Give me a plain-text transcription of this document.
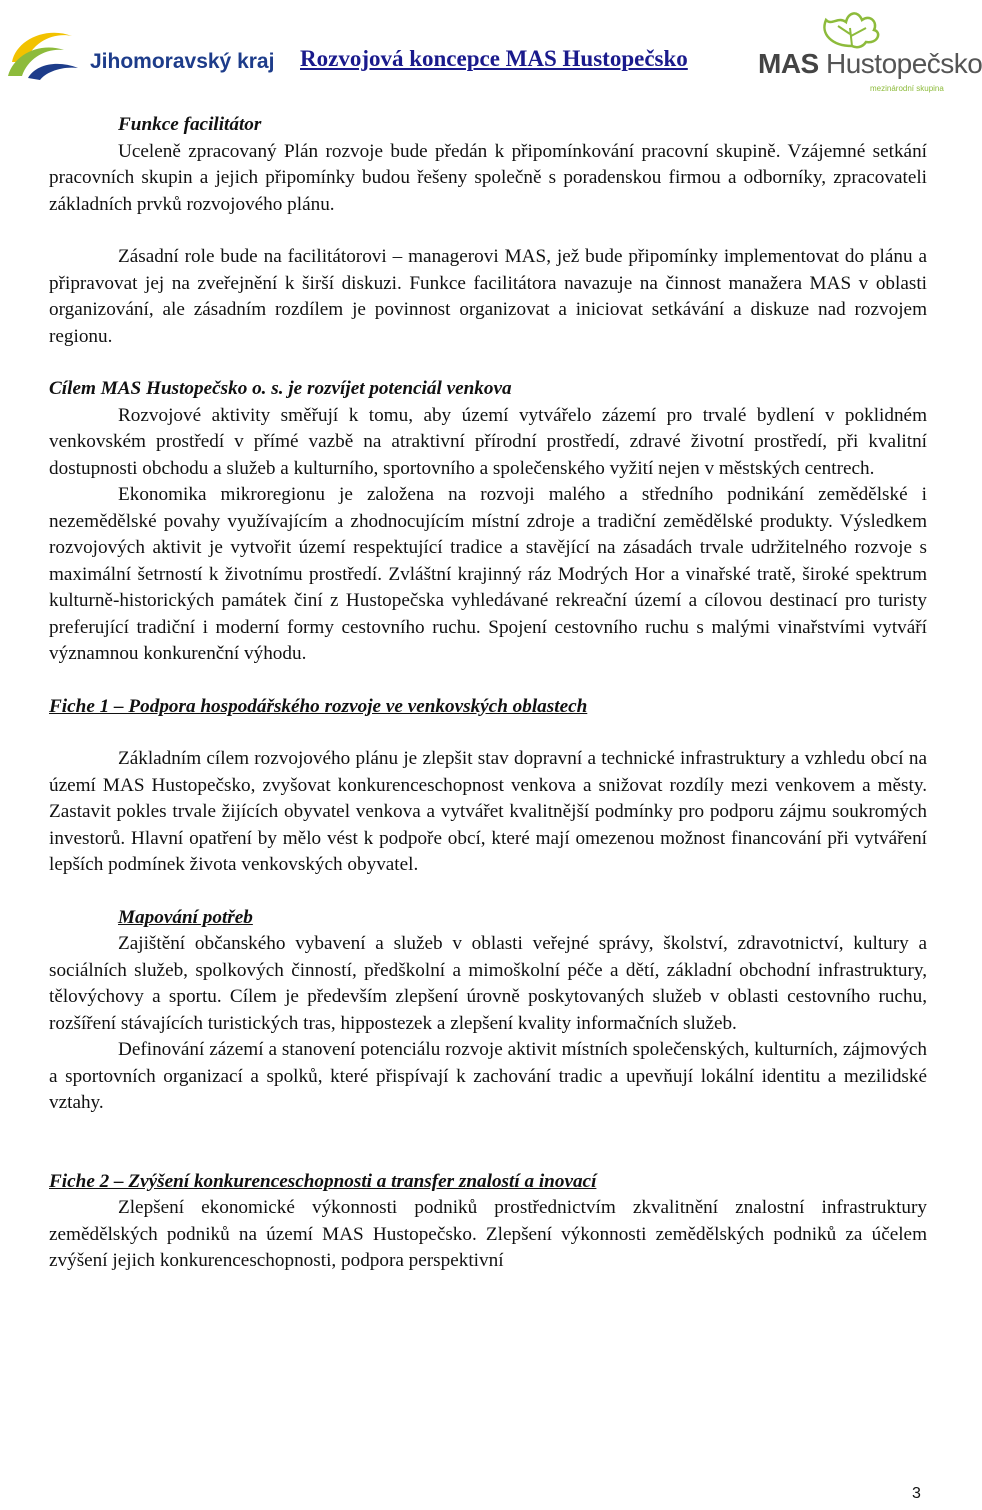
Jihomoravský kraj Rozvojová koncepce MAS Hustopečsko	MAS Hustopečsko
mezinárodní skupina

Funkce facilitátor

Uceleně zpracovaný Plán rozvoje bude předán k připomínkování pracovní skupině. Vzájemné setkání pracovních skupin a jejich připomínky budou řešeny společně s poradenskou firmou a odborníky, zpracovateli základních prvků rozvojového plánu.

Zásadní role bude na facilitátorovi – managerovi MAS, jež bude připomínky implementovat do plánu a připravovat jej na zveřejnění k širší diskuzi. Funkce facilitátora navazuje na činnost manažera MAS v oblasti organizování, ale zásadním rozdílem je povinnost organizovat a iniciovat setkávání a diskuze nad rozvojem regionu.

Cílem MAS Hustopečsko o. s. je rozvíjet potenciál venkova

Rozvojové aktivity směřují k tomu, aby území vytvářelo zázemí pro trvalé bydlení v poklidném venkovském prostředí v přímé vazbě na atraktivní přírodní prostředí, zdravé životní prostředí, při kvalitní dostupnosti obchodu a služeb a kulturního, sportovního a společenského vyžití nejen v městských centrech.

Ekonomika mikroregionu je založena na rozvoji malého a středního podnikání zemědělské i nezemědělské povahy využívajícím a zhodnocujícím místní zdroje a tradiční zemědělské produkty. Výsledkem rozvojových aktivit je vytvořit území respektující tradice a stavějící na zásadách trvale udržitelného rozvoje s maximální šetrností k životnímu prostředí. Zvláštní krajinný ráz Modrých Hor a vinařské tratě, široké spektrum kulturně-historických památek činí z Hustopečska vyhledávané rekreační území a cílovou destinací pro turisty preferující tradiční i moderní formy cestovního ruchu. Spojení cestovního ruchu s malými vinařstvími vytváří významnou konkurenční výhodu.

Fiche 1 – Podpora hospodářského rozvoje ve venkovských oblastech

Základním cílem rozvojového plánu je zlepšit stav dopravní a technické infrastruktury a vzhledu obcí na území MAS Hustopečsko, zvyšovat konkurenceschopnost venkova a snižovat rozdíly mezi venkovem a městy. Zastavit pokles trvale žijících obyvatel venkova a vytvářet kvalitnější podmínky pro podporu zájmu soukromých investorů. Hlavní opatření by mělo vést k podpoře obcí, které mají omezenou možnost financování při vytváření lepších podmínek života venkovských obyvatel.

Mapování potřeb

Zajištění občanského vybavení a služeb v oblasti veřejné správy, školství, zdravotnictví, kultury a sociálních služeb, spolkových činností, předškolní a mimoškolní péče a dětí, základní obchodní infrastruktury, tělovýchovy a sportu. Cílem je především zlepšení úrovně poskytovaných služeb v oblasti cestovního ruchu, rozšíření stávajících turistických tras, hippostezek a zlepšení kvality informačních služeb.

Definování zázemí a stanovení potenciálu rozvoje aktivit místních společenských, kulturních, zájmových a sportovních organizací a spolků, které přispívají k zachování tradic a upevňují lokální identitu a mezilidské vztahy.

Fiche 2 – Zvýšení konkurenceschopnosti a transfer znalostí a inovací

Zlepšení ekonomické výkonnosti podniků prostřednictvím zkvalitnění znalostní infrastruktury zemědělských podniků na území MAS Hustopečsko. Zlepšení výkonnosti zemědělských podniků za účelem zvýšení jejich konkurenceschopnosti, podpora perspektivní

3
